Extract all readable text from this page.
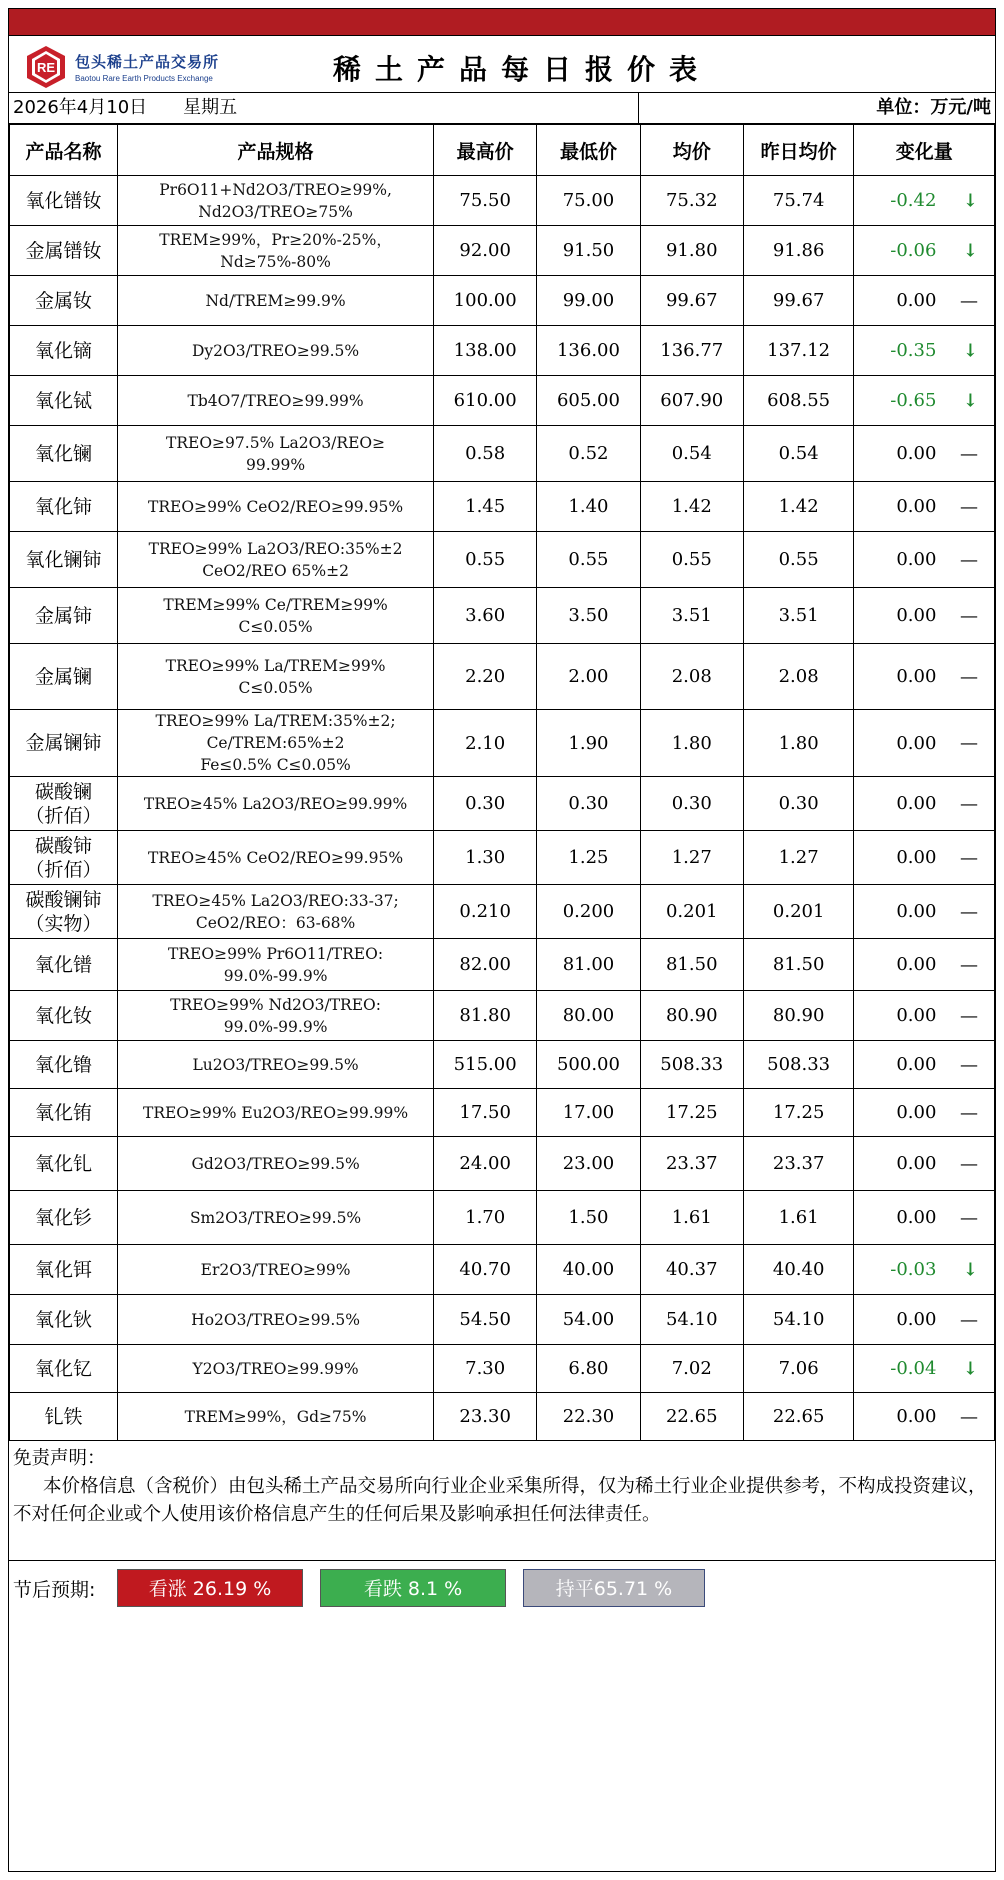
RE 包头稀土产品交易所
Baotou Rare Earth Products Exchange	稀土产品每日报价表
2026年4月10日 星期五	单位：万元/吨
产品名称	产品规格	最高价	最低价	均价	昨日均价	变化量
氧化镨钕	Pr6O11+Nd2O3/TREO≥99%,
Nd2O3/TREO≥75%	75.50	75.00	75.32	75.74	-0.42 ↓

金属镨钕	TREM≥99%，Pr≥20%-25%，
Nd≥75%-80%	92.00	91.50	91.80	91.86	-0.06 ↓

金属钕	Nd/TREM≥99.9%	100.00	99.00	99.67	99.67	0.00 —

氧化镝	Dy2O3/TREO≥99.5%	138.00	136.00	136.77	137.12	-0.35 ↓

氧化铽	Tb4O7/TREO≥99.99%	610.00	605.00	607.90	608.55	-0.65 ↓

氧化镧	TREO≥97.5% La2O3/REO≥
99.99%	0.58	0.52	0.54	0.54	0.00 —

氧化铈	TREO≥99% CeO2/REO≥99.95%	1.45	1.40	1.42	1.42	0.00 —

氧化镧铈	TREO≥99% La2O3/REO:35%±2
CeO2/REO 65%±2	0.55	0.55	0.55	0.55	0.00 —

金属铈	TREM≥99% Ce/TREM≥99%
C≤0.05%	3.60	3.50	3.51	3.51	0.00 —

金属镧	TREO≥99% La/TREM≥99%
C≤0.05%	2.20	2.00	2.08	2.08	0.00 —

金属镧铈	TREO≥99% La/TREM:35%±2;
Ce/TREM:65%±2
Fe≤0.5% C≤0.05%	2.10	1.90	1.80	1.80	0.00 —

碳酸镧
（折佰）	TREO≥45% La2O3/REO≥99.99%	0.30	0.30	0.30	0.30	0.00 —

碳酸铈
（折佰）	TREO≥45% CeO2/REO≥99.95%	1.30	1.25	1.27	1.27	0.00 —

碳酸镧铈
（实物）	TREO≥45% La2O3/REO:33-37;
CeO2/REO：63-68%	0.210	0.200	0.201	0.201	0.00 —

氧化镨	TREO≥99% Pr6O11/TREO:
99.0%-99.9%	82.00	81.00	81.50	81.50	0.00 —

氧化钕	TREO≥99% Nd2O3/TREO:
99.0%-99.9%	81.80	80.00	80.90	80.90	0.00 —

氧化镥	Lu2O3/TREO≥99.5%	515.00	500.00	508.33	508.33	0.00 —

氧化铕	TREO≥99% Eu2O3/REO≥99.99%	17.50	17.00	17.25	17.25	0.00 —

氧化钆	Gd2O3/TREO≥99.5%	24.00	23.00	23.37	23.37	0.00 —

氧化钐	Sm2O3/TREO≥99.5%	1.70	1.50	1.61	1.61	0.00 —

氧化铒	Er2O3/TREO≥99%	40.70	40.00	40.37	40.40	-0.03 ↓

氧化钬	Ho2O3/TREO≥99.5%	54.50	54.00	54.10	54.10	0.00 —

氧化钇	Y2O3/TREO≥99.99%	7.30	6.80	7.02	7.06	-0.04 ↓

钆铁	TREM≥99%，Gd≥75%	23.30	22.30	22.65	22.65	0.00 —
免责声明：
本价格信息（含税价）由包头稀土产品交易所向行业企业采集所得，仅为稀土行业企业提供参考，不构成投资建议，不对任何企业或个人使用该价格信息产生的任何后果及影响承担任何法律责任。
节后预期:	看涨 26.19 %	看跌 8.1 %	持平65.71 %
